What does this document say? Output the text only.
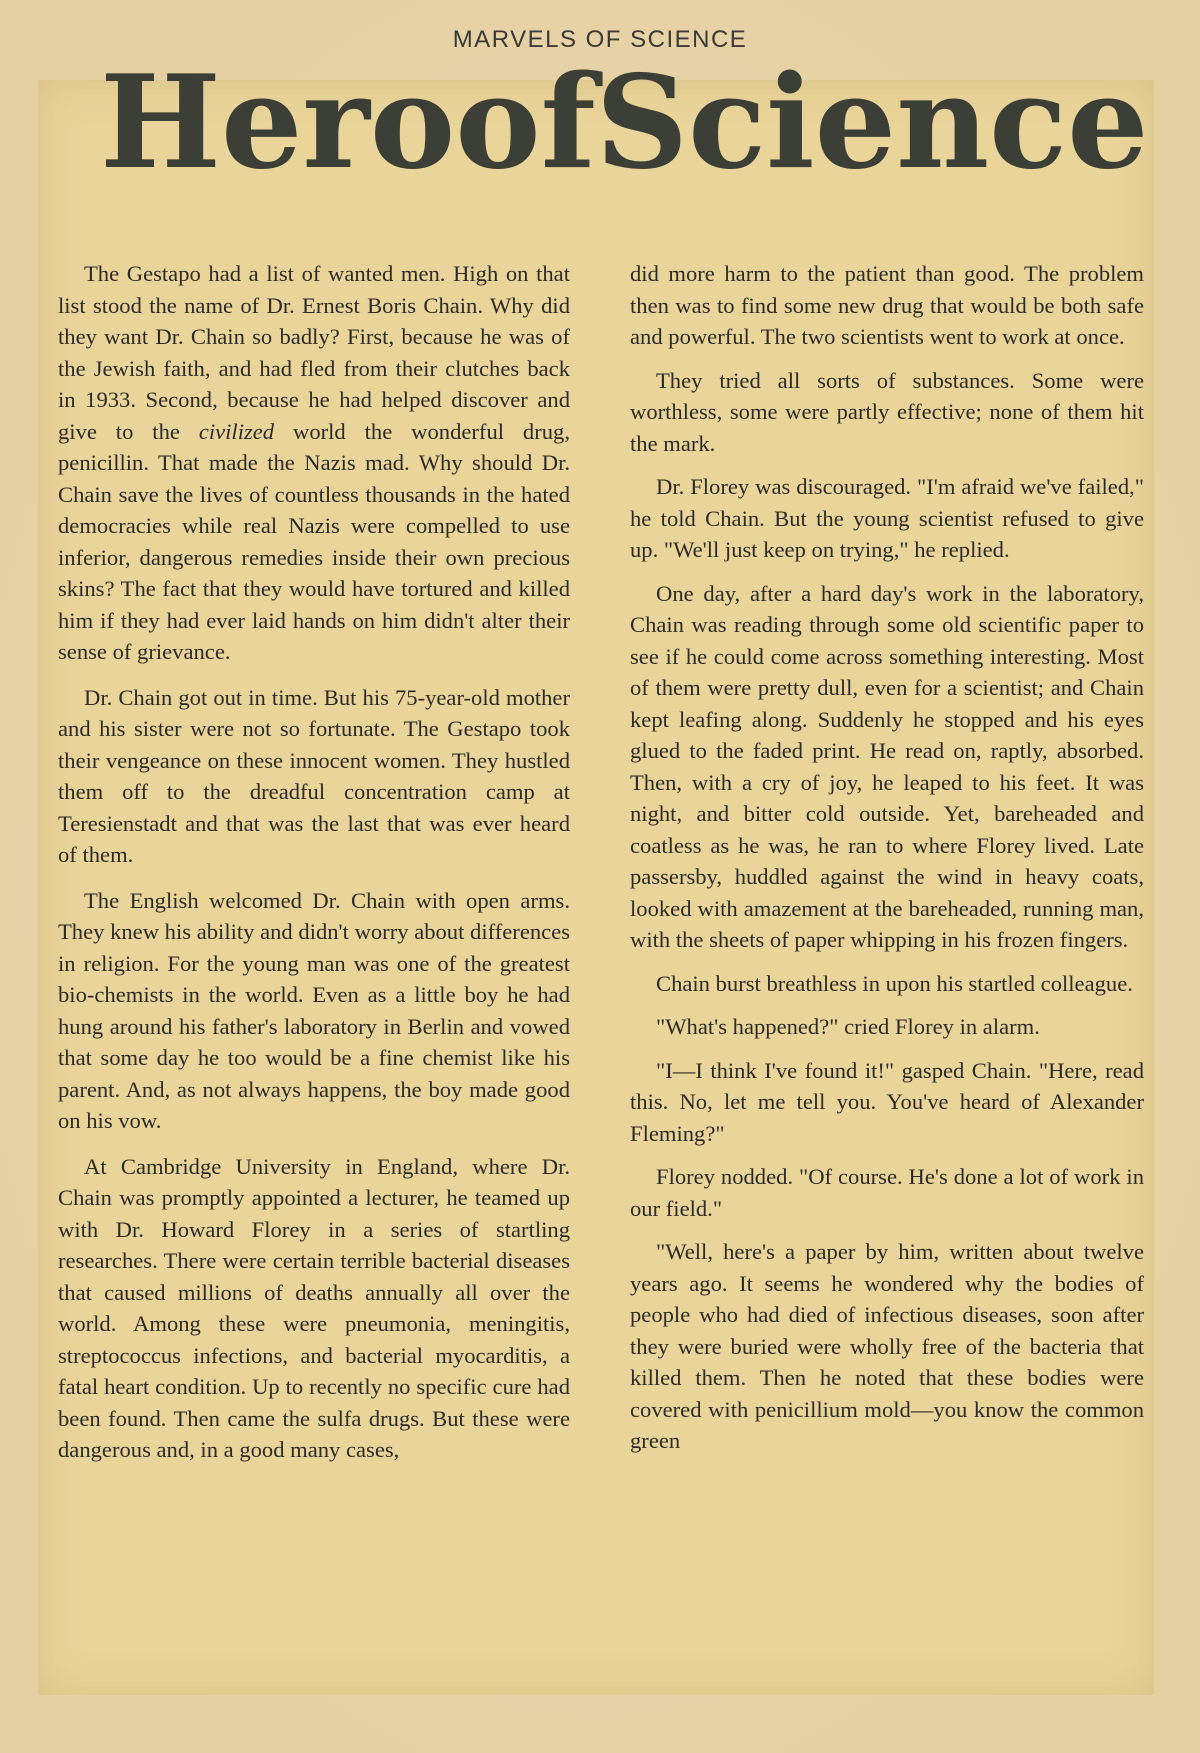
MARVELS OF SCIENCE
Hero of Science

The Gestapo had a list of wanted men. High on that list stood the name of Dr. Ernest Boris Chain. Why did they want Dr. Chain so badly? First, because he was of the Jewish faith, and had fled from their clutches back in 1933. Second, because he had helped discover and give to the civilized world the wonderful drug, penicillin. That made the Nazis mad. Why should Dr. Chain save the lives of countless thousands in the hated democracies while real Nazis were compelled to use inferior, dangerous remedies inside their own precious skins? The fact that they would have tortured and killed him if they had ever laid hands on him didn't alter their sense of grievance.

Dr. Chain got out in time. But his 75-year-old mother and his sister were not so fortunate. The Gestapo took their vengeance on these innocent women. They hustled them off to the dreadful concentration camp at Teresienstadt and that was the last that was ever heard of them.

The English welcomed Dr. Chain with open arms. They knew his ability and didn't worry about differences in religion. For the young man was one of the greatest bio-chemists in the world. Even as a little boy he had hung around his father's laboratory in Berlin and vowed that some day he too would be a fine chemist like his parent. And, as not always happens, the boy made good on his vow.

At Cambridge University in England, where Dr. Chain was promptly appointed a lecturer, he teamed up with Dr. Howard Florey in a series of startling researches. There were certain terrible bacterial diseases that caused millions of deaths annually all over the world. Among these were pneumonia, meningitis, streptococcus infections, and bacterial myocarditis, a fatal heart condition. Up to recently no specific cure had been found. Then came the sulfa drugs. But these were dangerous and, in a good many cases,

did more harm to the patient than good. The problem then was to find some new drug that would be both safe and powerful. The two scientists went to work at once.

They tried all sorts of substances. Some were worthless, some were partly effective; none of them hit the mark.

Dr. Florey was discouraged. "I'm afraid we've failed," he told Chain. But the young scientist refused to give up. "We'll just keep on trying," he replied.

One day, after a hard day's work in the laboratory, Chain was reading through some old scientific paper to see if he could come across something interesting. Most of them were pretty dull, even for a scientist; and Chain kept leafing along. Suddenly he stopped and his eyes glued to the faded print. He read on, raptly, absorbed. Then, with a cry of joy, he leaped to his feet. It was night, and bitter cold outside. Yet, bareheaded and coatless as he was, he ran to where Florey lived. Late passersby, huddled against the wind in heavy coats, looked with amazement at the bareheaded, running man, with the sheets of paper whipping in his frozen fingers.

Chain burst breathless in upon his startled colleague.

"What's happened?" cried Florey in alarm.

"I—I think I've found it!" gasped Chain. "Here, read this. No, let me tell you. You've heard of Alexander Fleming?"

Florey nodded. "Of course. He's done a lot of work in our field."

"Well, here's a paper by him, written about twelve years ago. It seems he wondered why the bodies of people who had died of infectious diseases, soon after they were buried were wholly free of the bacteria that killed them. Then he noted that these bodies were covered with penicillium mold—you know the common green
